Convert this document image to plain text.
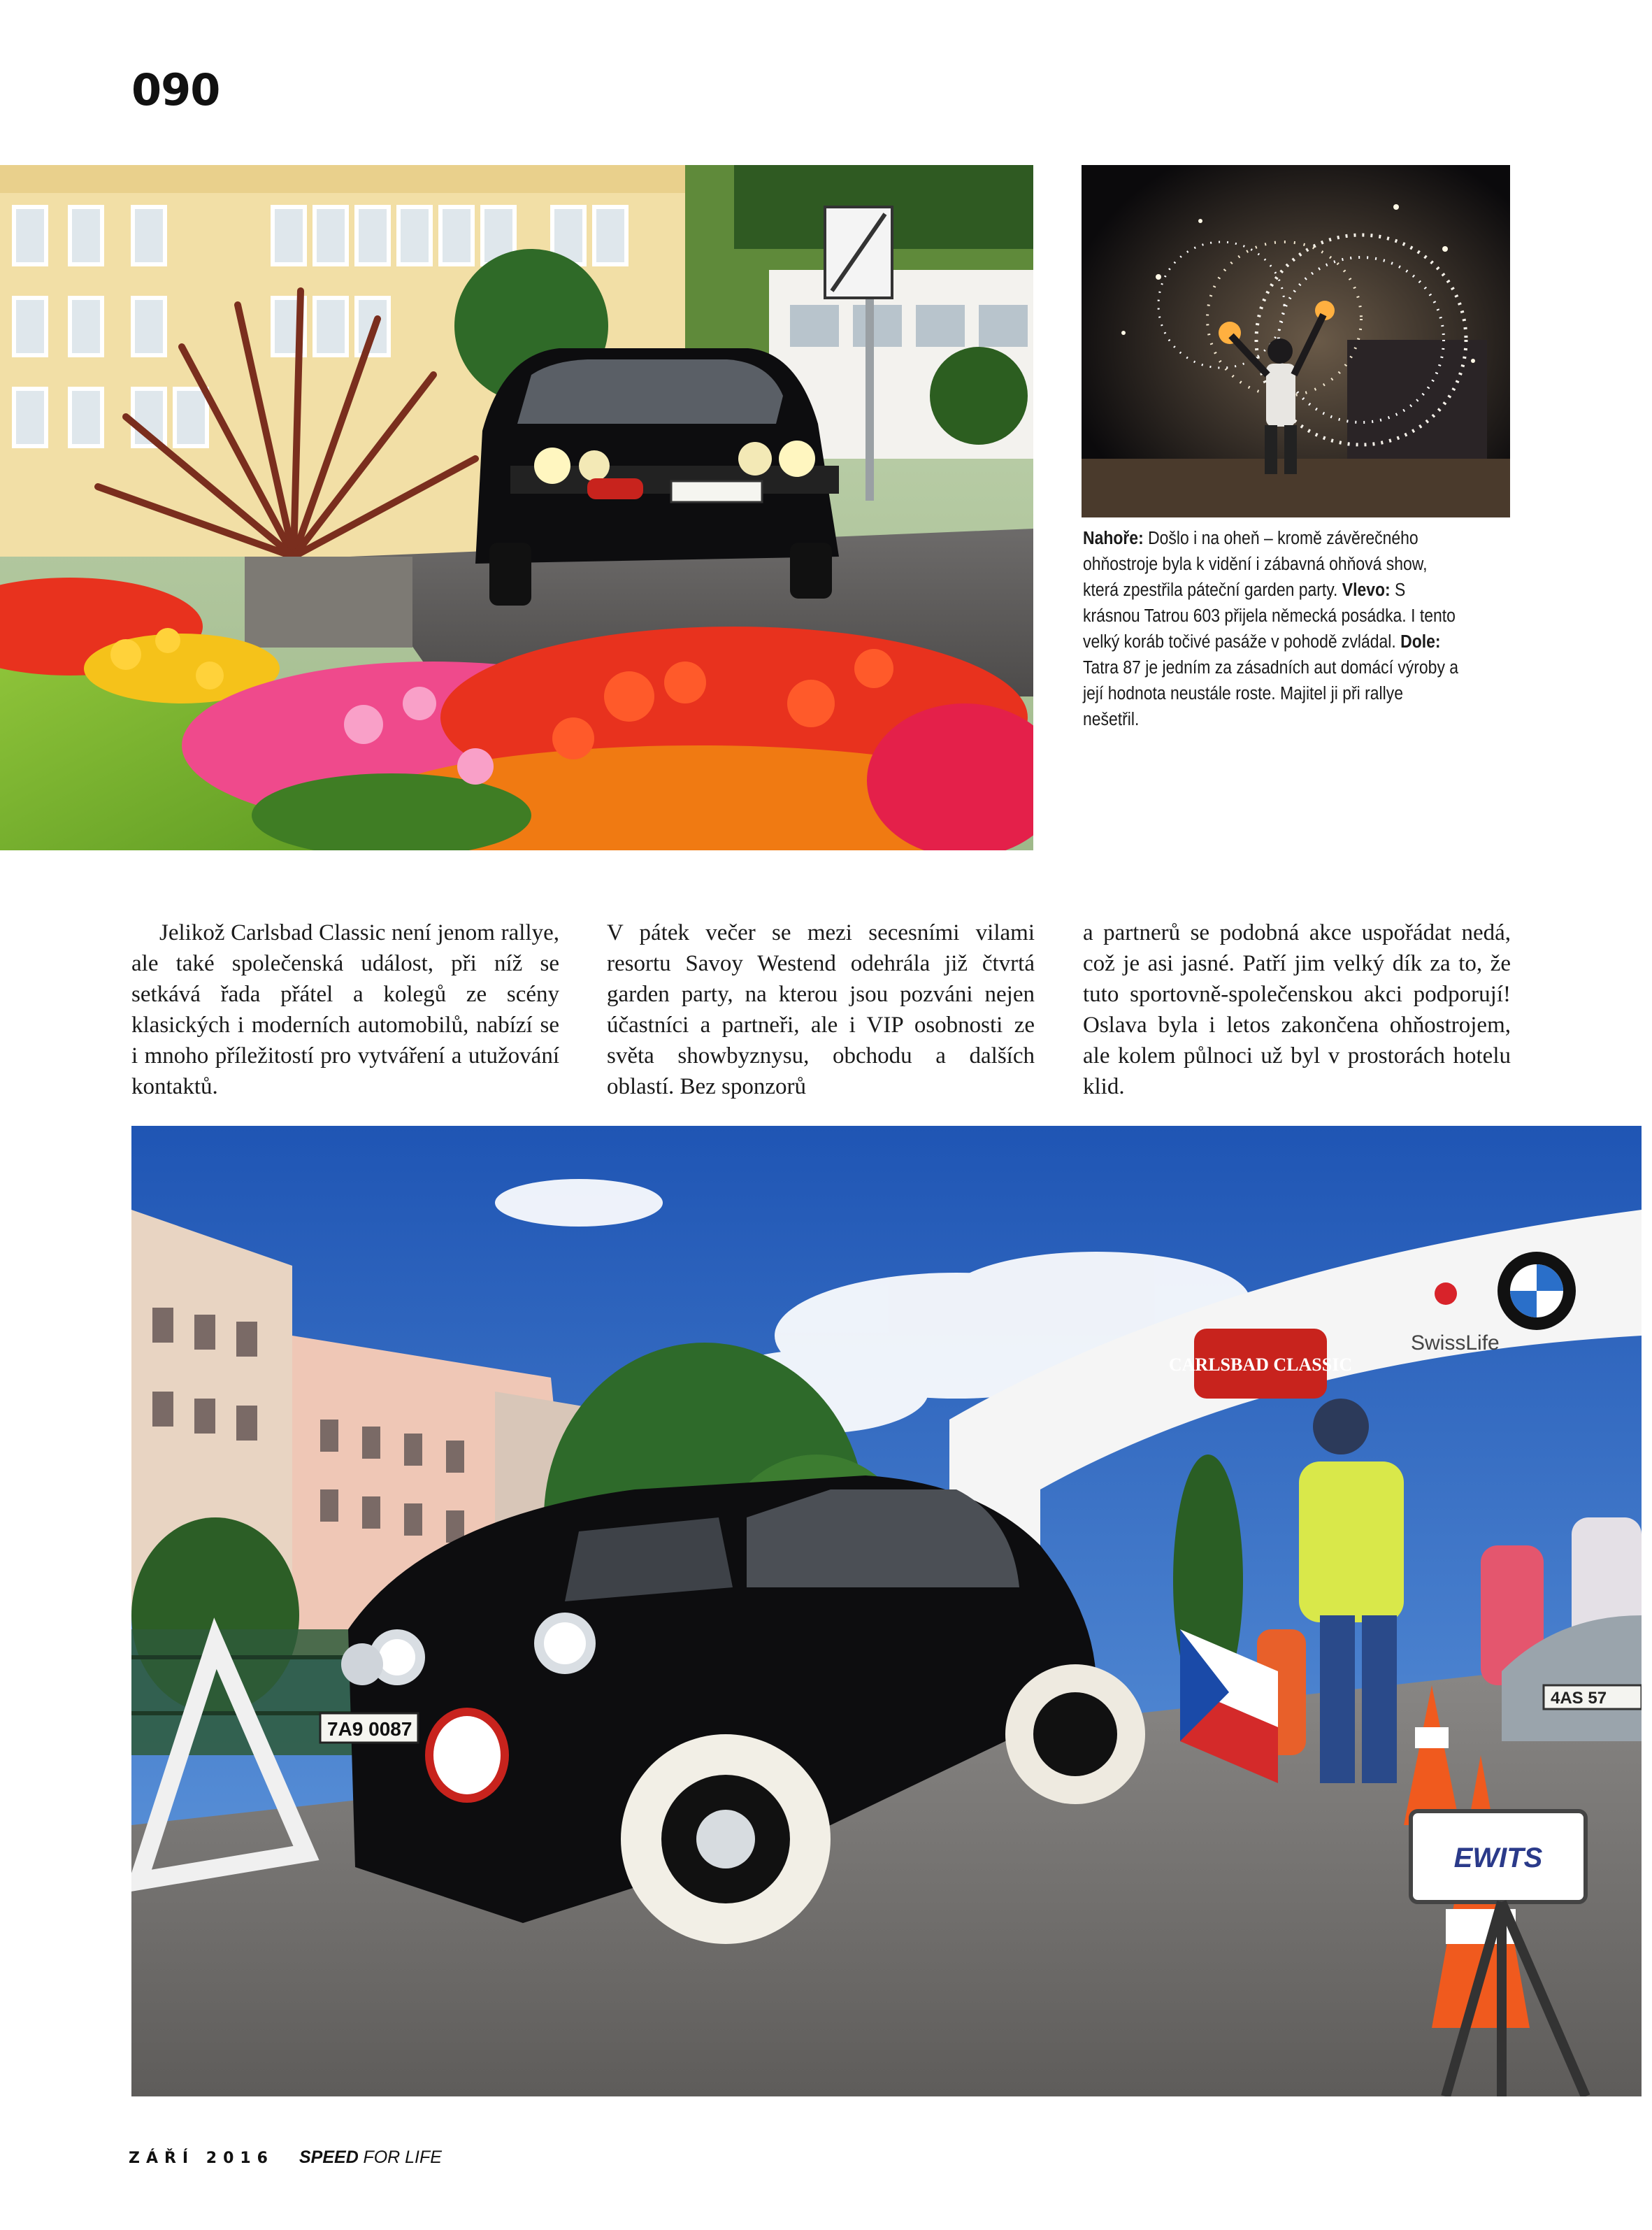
090
Nahoře: Došlo i na oheň – kromě závěrečného ohňostroje byla k vidění i zábavná ohňová show, která zpestřila páteční garden party. Vlevo: S krásnou Tatrou 603 přijela německá posádka. I tento velký koráb točivé pasáže v pohodě zvládal. Dole: Tatra 87 je jedním za zásadních aut domácí výroby a její hodnota neustále roste. Majitel ji při rallye nešetřil.

Jelikož Carlsbad Classic není jenom rallye, ale také společenská událost, při níž se setkává řada přátel a kolegů ze scény klasických i moderních automobilů, nabízí se i mnoho příležitostí pro vytváření a utužování kontaktů.

V pátek večer se mezi secesními vilami resortu Savoy Westend odehrála již čtvrtá garden party, na kterou jsou pozváni nejen účastníci a partneři, ale i VIP osobnosti ze světa showbyznysu, obchodu a dalších oblastí. Bez sponzorů

a partnerů se podobná akce uspořádat nedá, což je asi jasné. Patří jim velký dík za to, že tuto sportovně-společenskou akci podporují! Oslava byla i letos zakončena ohňostrojem, ale kolem půlnoci už byl v prostorách hotelu klid.

CARLSBAD CLASSIC
SwissLife
4AS 57
7A9 0087
EWITS
ZÁŘÍ 2016 SPEED FOR LIFE
